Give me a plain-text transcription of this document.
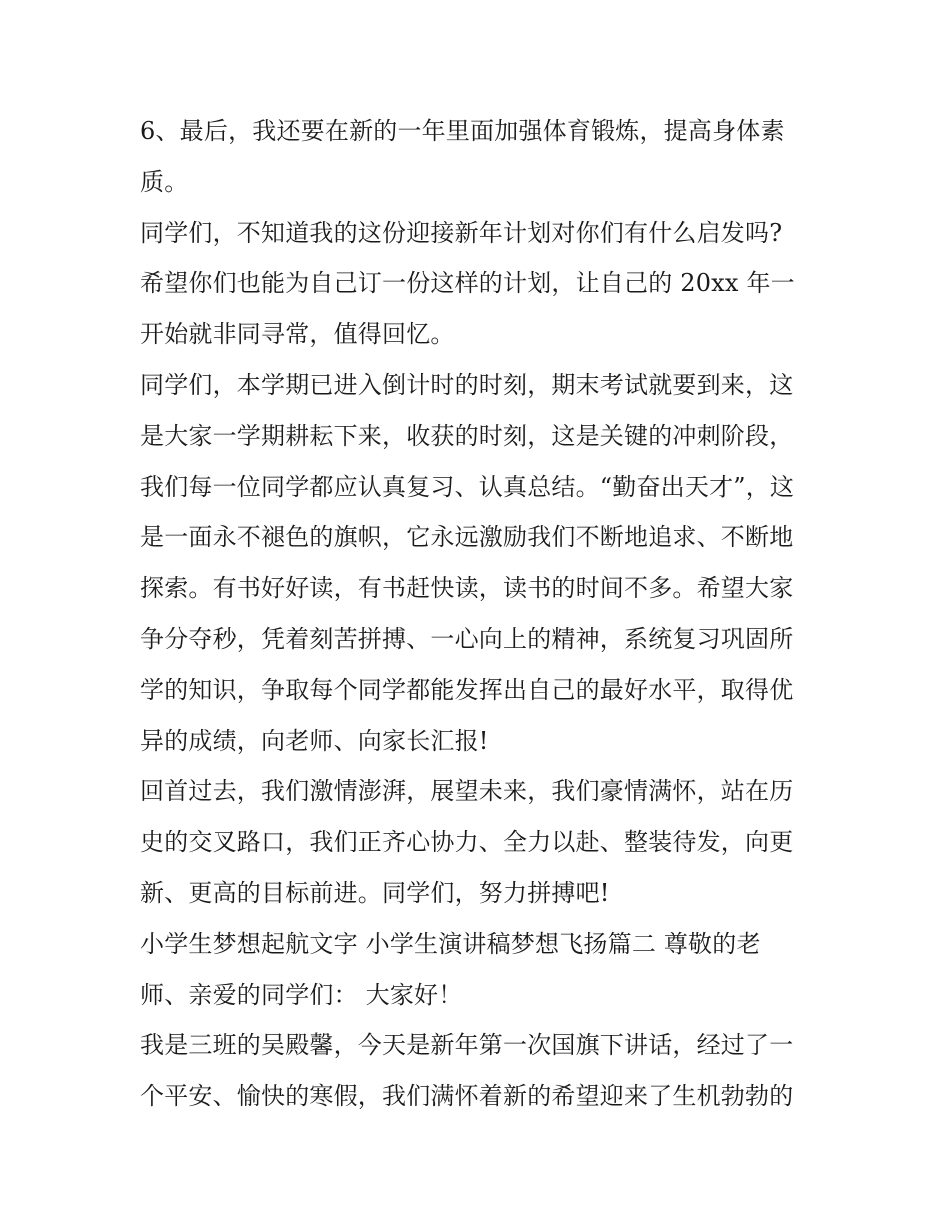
6、最后，我还要在新的一年里面加强体育锻炼，提高身体素
质。
同学们，不知道我的这份迎接新年计划对你们有什么启发吗?
希望你们也能为自己订一份这样的计划，让自己的 20xx 年一
开始就非同寻常，值得回忆。
同学们，本学期已进入倒计时的时刻，期末考试就要到来，这
是大家一学期耕耘下来，收获的时刻，这是关键的冲刺阶段，
我们每一位同学都应认真复习、认真总结。“勤奋出天才”，这
是一面永不褪色的旗帜，它永远激励我们不断地追求、不断地
探索。有书好好读，有书赶快读，读书的时间不多。希望大家
争分夺秒，凭着刻苦拼搏、一心向上的精神，系统复习巩固所
学的知识，争取每个同学都能发挥出自己的最好水平，取得优
异的成绩，向老师、向家长汇报!
回首过去，我们激情澎湃，展望未来，我们豪情满怀，站在历
史的交叉路口，我们正齐心协力、全力以赴、整装待发，向更
新、更高的目标前进。同学们，努力拼搏吧!
小学生梦想起航文字 小学生演讲稿梦想飞扬篇二 尊敬的老
师、亲爱的同学们： 大家好！
我是三班的吴殿馨，今天是新年第一次国旗下讲话，经过了一
个平安、愉快的寒假，我们满怀着新的希望迎来了生机勃勃的
